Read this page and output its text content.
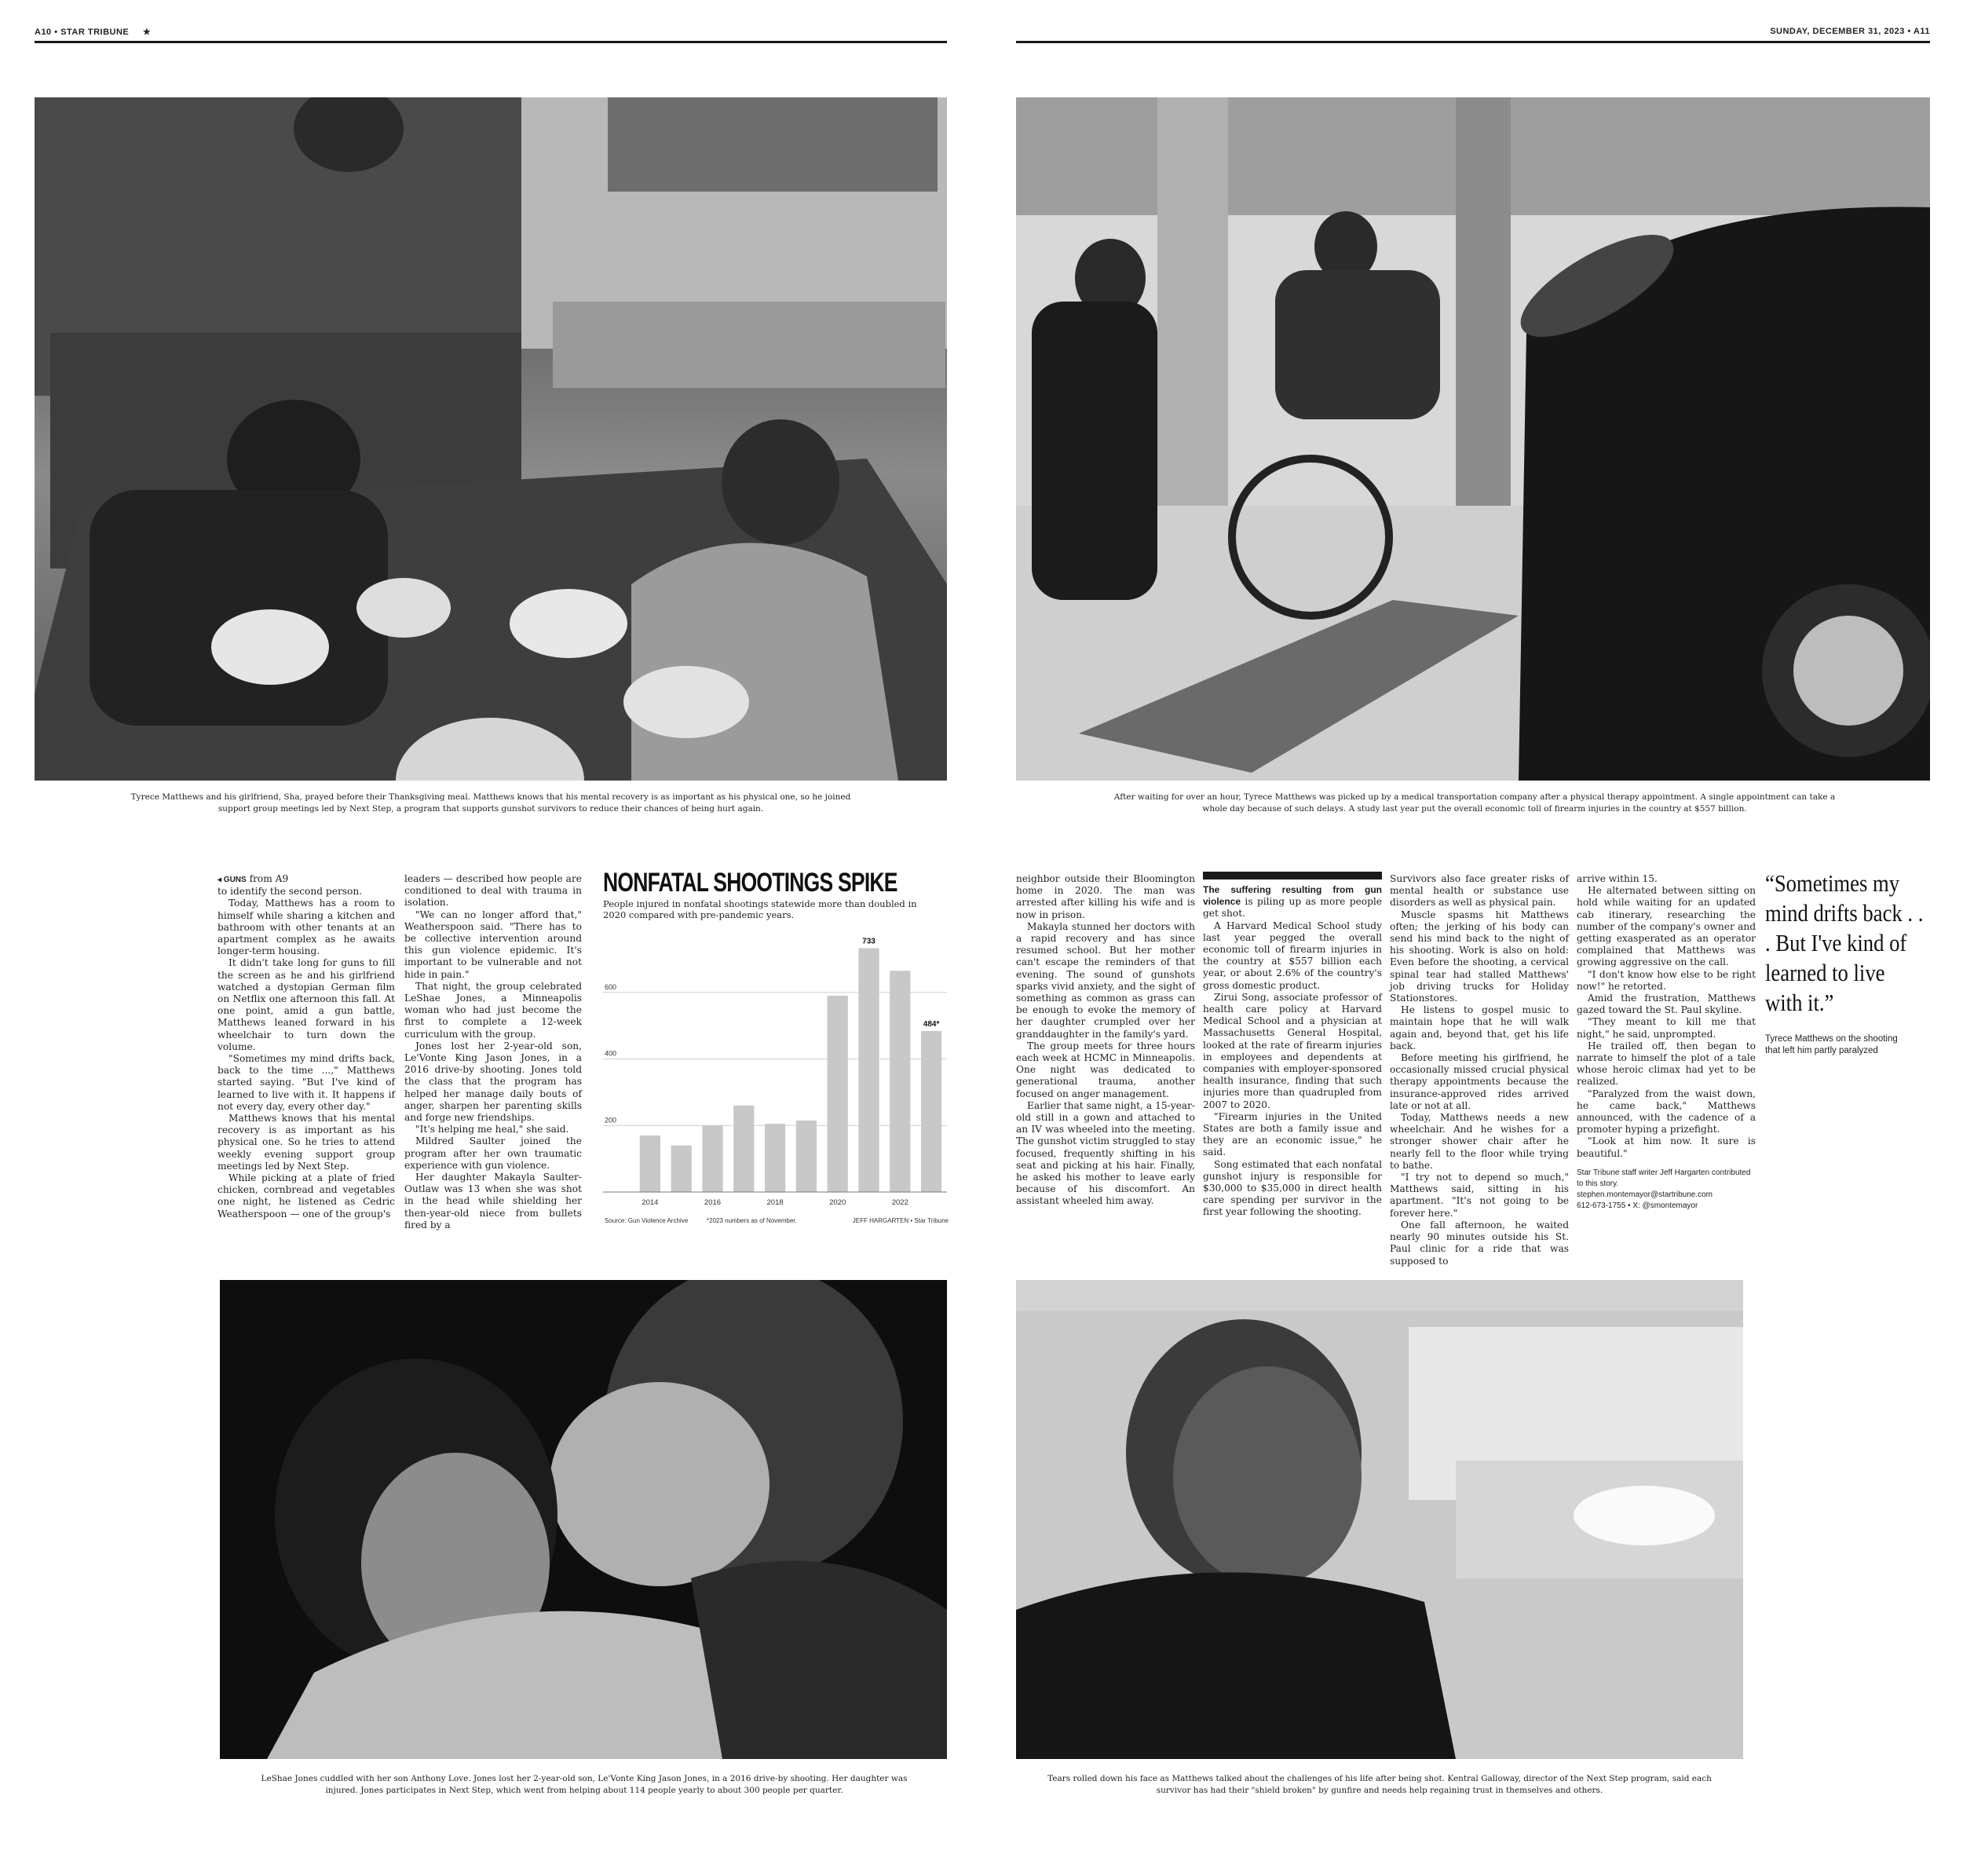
A10 • STAR TRIBUNE ★	SUNDAY, DECEMBER 31, 2023 • A11
Tyrece Matthews and his girlfriend, Sha, prayed before their Thanksgiving meal. Matthews knows that his mental recovery is as important as his physical one, so he joined support group meetings led by Next Step, a program that supports gunshot survivors to reduce their chances of being hurt again.
After waiting for over an hour, Tyrece Matthews was picked up by a medical transportation company after a physical therapy appointment. A single appointment can take a whole day because of such delays. A study last year put the overall economic toll of firearm injuries in the country at $557 billion.

◂ GUNS from A9

to identify the second person.

Today, Matthews has a room to himself while sharing a kitchen and bathroom with other tenants at an apartment complex as he awaits longer-term housing.

It didn't take long for guns to fill the screen as he and his girlfriend watched a dystopian German film on Netflix one afternoon this fall. At one point, amid a gun battle, Matthews leaned forward in his wheelchair to turn down the volume.

"Sometimes my mind drifts back, back to the time ...," Matthews started saying. "But I've kind of learned to live with it. It happens if not every day, every other day."

Matthews knows that his mental recovery is as important as his physical one. So he tries to attend weekly evening support group meetings led by Next Step.

While picking at a plate of fried chicken, cornbread and vegetables one night, he listened as Cedric Weatherspoon — one of the group's

leaders — described how people are conditioned to deal with trauma in isolation.

"We can no longer afford that," Weatherspoon said. "There has to be collective intervention around this gun violence epidemic. It's important to be vulnerable and not hide in pain."

That night, the group celebrated LeShae Jones, a Minneapolis woman who had just become the first to complete a 12-week curriculum with the group.

Jones lost her 2-year-old son, Le'Vonte King Jason Jones, in a 2016 drive-by shooting. Jones told the class that the program has helped her manage daily bouts of anger, sharpen her parenting skills and forge new friendships.

"It's helping me heal," she said.

Mildred Saulter joined the program after her own traumatic experience with gun violence.

Her daughter Makayla Saulter-Outlaw was 13 when she was shot in the head while shielding her then-year-old niece from bullets fired by a

NONFATAL SHOOTINGS SPIKE
People injured in nonfatal shootings statewide more than doubled in 2020 compared with pre-pandemic years.
200
400
600
733
484*
2014	2016	2018	2020	2022
Source: Gun Violence Archive	*2023 numbers as of November.	JEFF HARGARTEN • Star Tribune

neighbor outside their Bloomington home in 2020. The man was arrested after killing his wife and is now in prison.

Makayla stunned her doctors with a rapid recovery and has since resumed school. But her mother can't escape the reminders of that evening. The sound of gunshots sparks vivid anxiety, and the sight of something as common as grass can be enough to evoke the memory of her daughter crumpled over her granddaughter in the family's yard.

The group meets for three hours each week at HCMC in Minneapolis. One night was dedicated to generational trauma, another focused on anger management.

Earlier that same night, a 15-year-old still in a gown and attached to an IV was wheeled into the meeting. The gunshot victim struggled to stay focused, frequently shifting in his seat and picking at his hair. Finally, he asked his mother to leave early because of his discomfort. An assistant wheeled him away.

The suffering resulting from gun violence is piling up as more people get shot.

A Harvard Medical School study last year pegged the overall economic toll of firearm injuries in the country at $557 billion each year, or about 2.6% of the country's gross domestic product.

Zirui Song, associate professor of health care policy at Harvard Medical School and a physician at Massachusetts General Hospital, looked at the rate of firearm injuries in employees and dependents at companies with employer-sponsored health insurance, finding that such injuries more than quadrupled from 2007 to 2020.

"Firearm injuries in the United States are both a family issue and they are an economic issue," he said.

Song estimated that each nonfatal gunshot injury is responsible for $30,000 to $35,000 in direct health care spending per survivor in the first year following the shooting.

Survivors also face greater risks of mental health or substance use disorders as well as physical pain.

Muscle spasms hit Matthews often; the jerking of his body can send his mind back to the night of his shooting. Work is also on hold: Even before the shooting, a cervical spinal tear had stalled Matthews' job driving trucks for Holiday Stationstores.

He listens to gospel music to maintain hope that he will walk again and, beyond that, get his life back.

Before meeting his girlfriend, he occasionally missed crucial physical therapy appointments because the insurance-approved rides arrived late or not at all.

Today, Matthews needs a new wheelchair. And he wishes for a stronger shower chair after he nearly fell to the floor while trying to bathe.

"I try not to depend so much," Matthews said, sitting in his apartment. "It's not going to be forever here."

One fall afternoon, he waited nearly 90 minutes outside his St. Paul clinic for a ride that was supposed to

arrive within 15.

He alternated between sitting on hold while waiting for an updated cab itinerary, researching the number of the company's owner and getting exasperated as an operator complained that Matthews was growing aggressive on the call.

"I don't know how else to be right now!" he retorted.

Amid the frustration, Matthews gazed toward the St. Paul skyline.

"They meant to kill me that night," he said, unprompted.

He trailed off, then began to narrate to himself the plot of a tale whose heroic climax had yet to be realized.

"Paralyzed from the waist down, he came back," Matthews announced, with the cadence of a promoter hyping a prizefight.

"Look at him now. It sure is beautiful."

Star Tribune staff writer Jeff Hargarten contributed to this story.
stephen.montemayor@startribune.com
612-673-1755 • X: @smontemayor
“Sometimes my mind drifts back . . . But I've kind of learned to live with it.”
Tyrece Matthews on the shooting that left him partly paralyzed
LeShae Jones cuddled with her son Anthony Love. Jones lost her 2-year-old son, Le'Vonte King Jason Jones, in a 2016 drive-by shooting. Her daughter was injured. Jones participates in Next Step, which went from helping about 114 people yearly to about 300 people per quarter.
Tears rolled down his face as Matthews talked about the challenges of his life after being shot. Kentral Galloway, director of the Next Step program, said each survivor has had their "shield broken" by gunfire and needs help regaining trust in themselves and others.
